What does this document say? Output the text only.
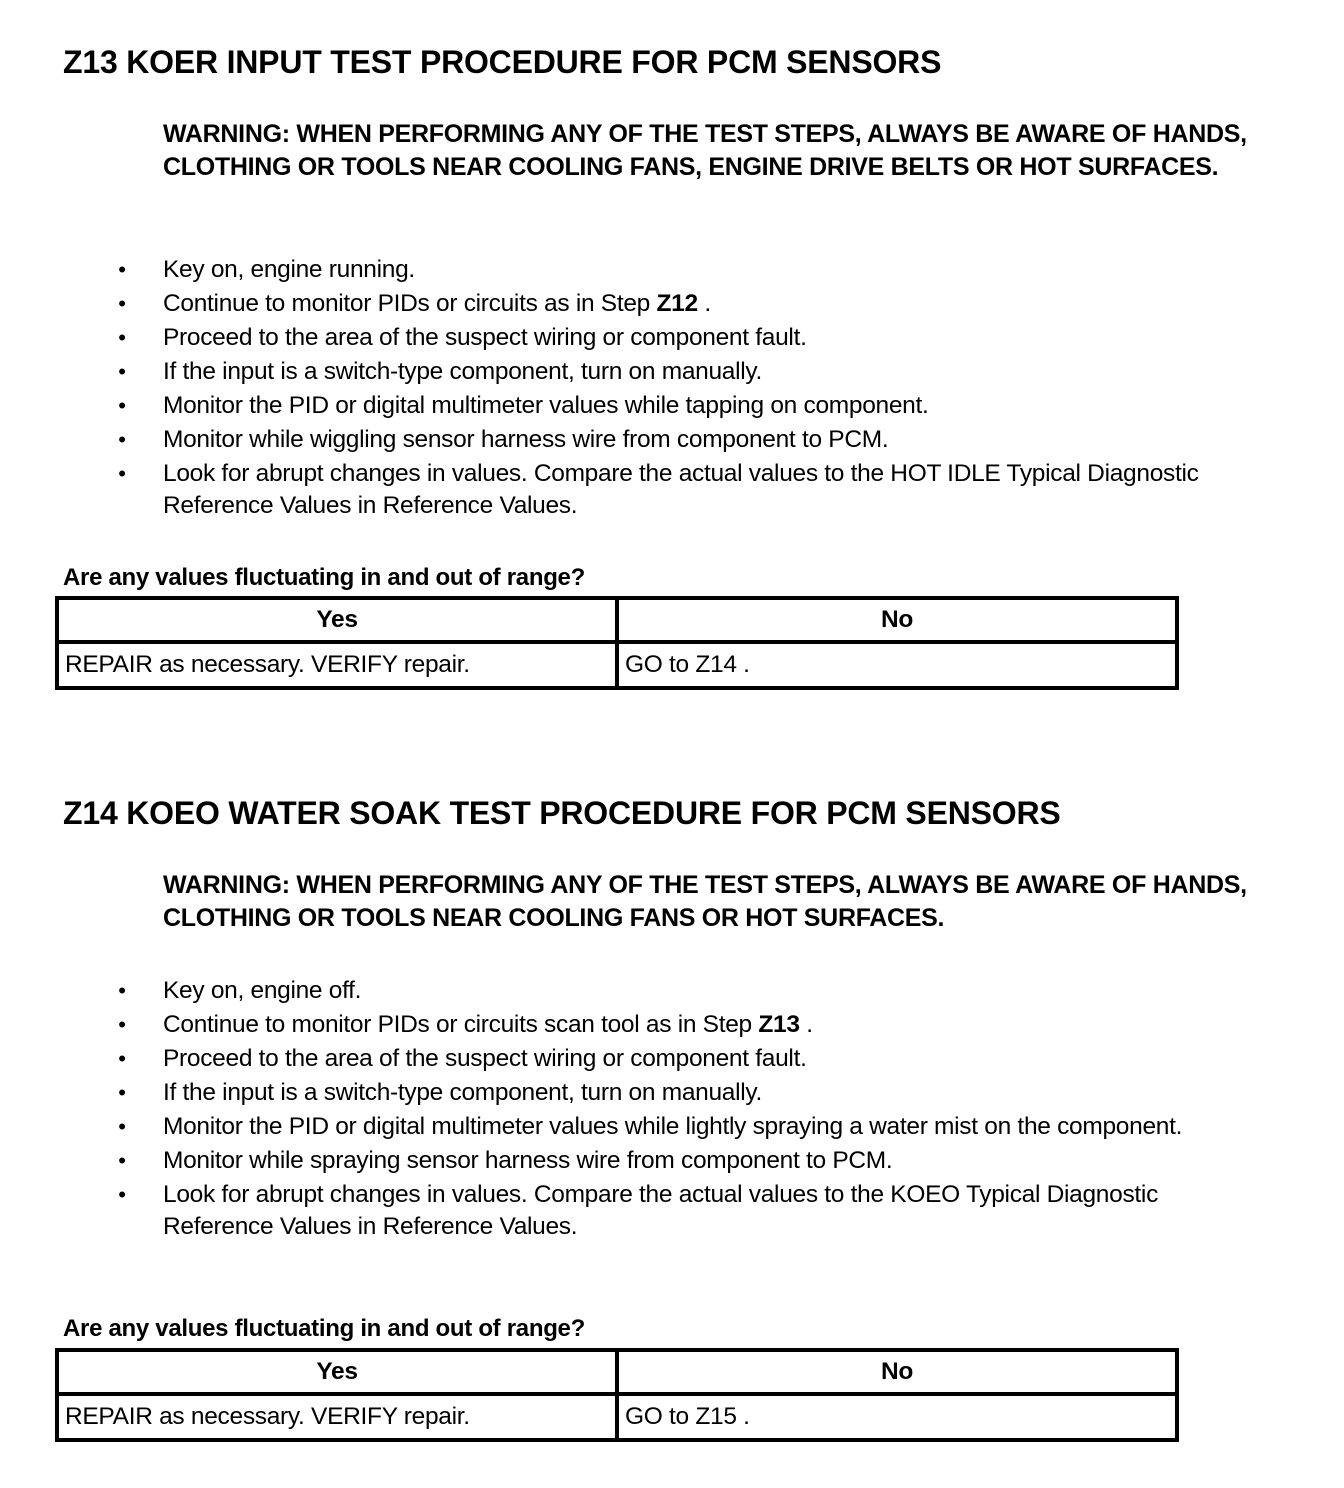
Z13 KOER INPUT TEST PROCEDURE FOR PCM SENSORS

WARNING: WHEN PERFORMING ANY OF THE TEST STEPS, ALWAYS BE AWARE OF HANDS, CLOTHING OR TOOLS NEAR COOLING FANS, ENGINE DRIVE BELTS OR HOT SURFACES.

• Key on, engine running.
• Continue to monitor PIDs or circuits as in Step Z12 .
• Proceed to the area of the suspect wiring or component fault.
• If the input is a switch-type component, turn on manually.
• Monitor the PID or digital multimeter values while tapping on component.
• Monitor while wiggling sensor harness wire from component to PCM.
• Look for abrupt changes in values. Compare the actual values to the HOT IDLE Typical Diagnostic Reference Values in Reference Values.

Are any values fluctuating in and out of range?

Yes	No
REPAIR as necessary. VERIFY repair.	GO to Z14 .
Z14 KOEO WATER SOAK TEST PROCEDURE FOR PCM SENSORS

WARNING: WHEN PERFORMING ANY OF THE TEST STEPS, ALWAYS BE AWARE OF HANDS, CLOTHING OR TOOLS NEAR COOLING FANS OR HOT SURFACES.

• Key on, engine off.
• Continue to monitor PIDs or circuits scan tool as in Step Z13 .
• Proceed to the area of the suspect wiring or component fault.
• If the input is a switch-type component, turn on manually.
• Monitor the PID or digital multimeter values while lightly spraying a water mist on the component.
• Monitor while spraying sensor harness wire from component to PCM.
• Look for abrupt changes in values. Compare the actual values to the KOEO Typical Diagnostic Reference Values in Reference Values.

Are any values fluctuating in and out of range?

Yes	No
REPAIR as necessary. VERIFY repair.	GO to Z15 .
